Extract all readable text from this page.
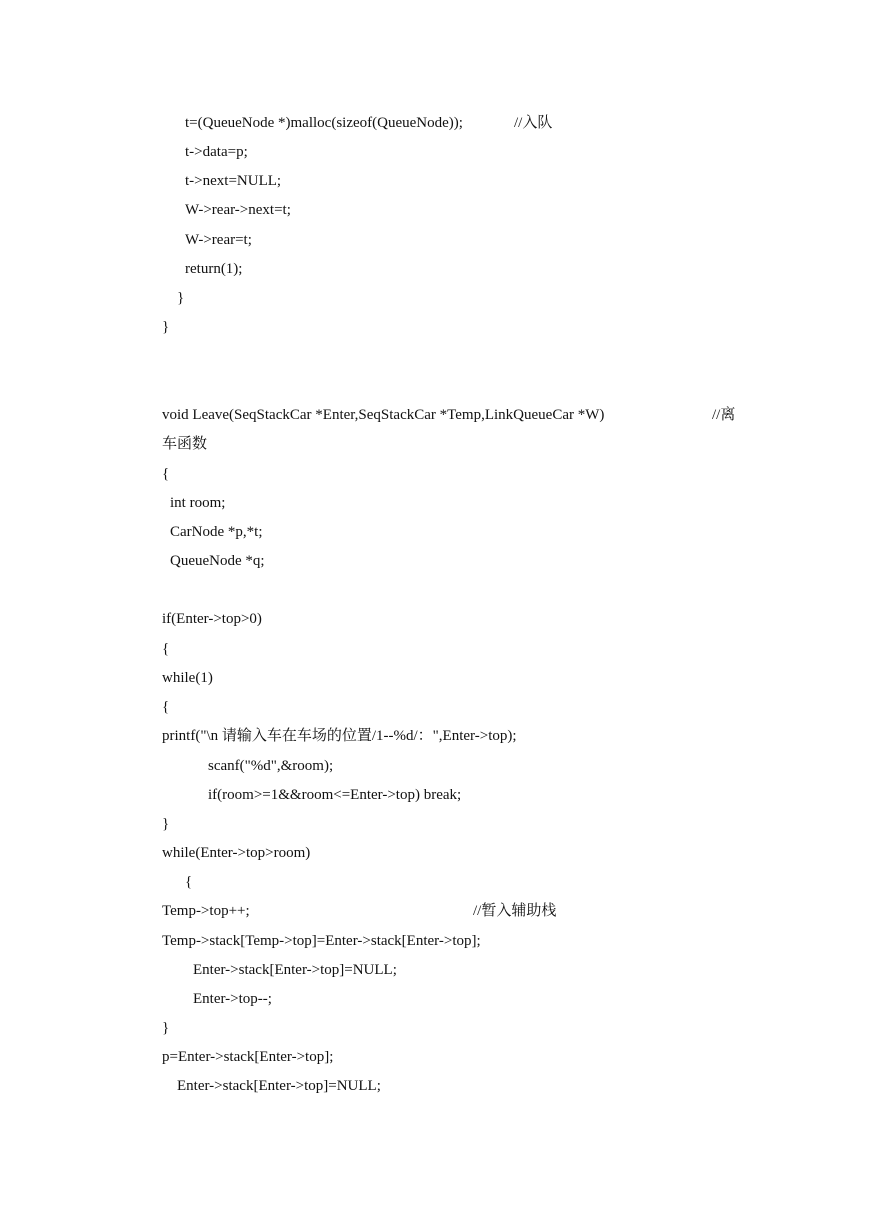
t=(QueueNode *)malloc(sizeof(QueueNode));	//入队
t->data=p;
t->next=NULL;
W->rear->next=t;
W->rear=t;
return(1);
}
}
void Leave(SeqStackCar *Enter,SeqStackCar *Temp,LinkQueueCar *W)	//离
车函数
{
int room;
CarNode *p,*t;
QueueNode *q;
if(Enter->top>0)
{
while(1)
{
printf("\n 请输入车在车场的位置/1--%d/：",Enter->top);
scanf("%d",&room);
if(room>=1&&room<=Enter->top) break;
}
while(Enter->top>room)
{
Temp->top++;	//暂入辅助栈
Temp->stack[Temp->top]=Enter->stack[Enter->top];
Enter->stack[Enter->top]=NULL;
Enter->top--;
}
p=Enter->stack[Enter->top];
Enter->stack[Enter->top]=NULL;
